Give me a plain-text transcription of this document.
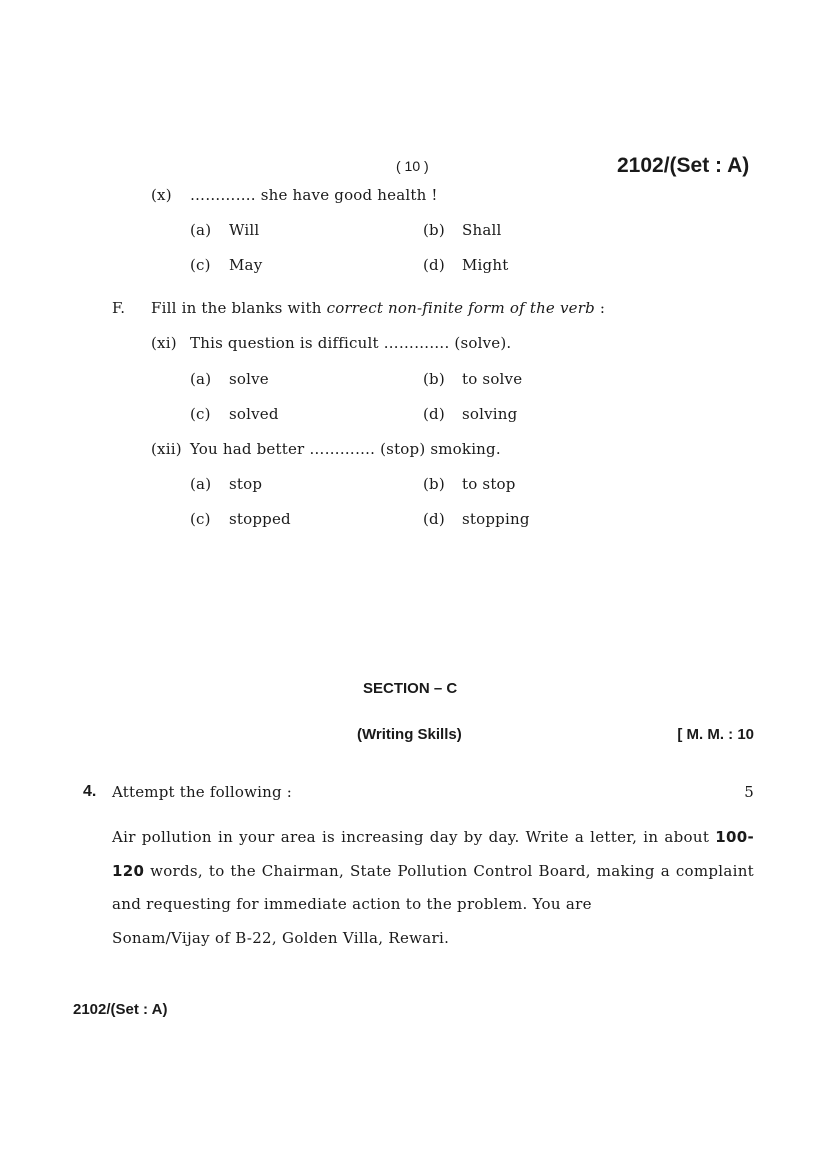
( 10 )	2102/(Set : A)
(x) …………. she have good health !
(a) Will	(b) Shall
(c) May	(d) Might
F. Fill in the blanks with correct non-finite form of the verb :
(xi) This question is difficult …………. (solve).
(a) solve	(b) to solve
(c) solved	(d) solving
(xii) You had better …………. (stop) smoking.
(a) stop	(b) to stop
(c) stopped	(d) stopping
SECTION – C
(Writing Skills)	[ M. M. : 10
4. Attempt the following :	5
Air pollution in your area is increasing day by day. Write a letter, in about 100-120 words, to the Chairman, State Pollution Control Board, making a complaint and requesting for immediate action to the problem. You are
Sonam/Vijay of B-22, Golden Villa, Rewari.
2102/(Set : A)
